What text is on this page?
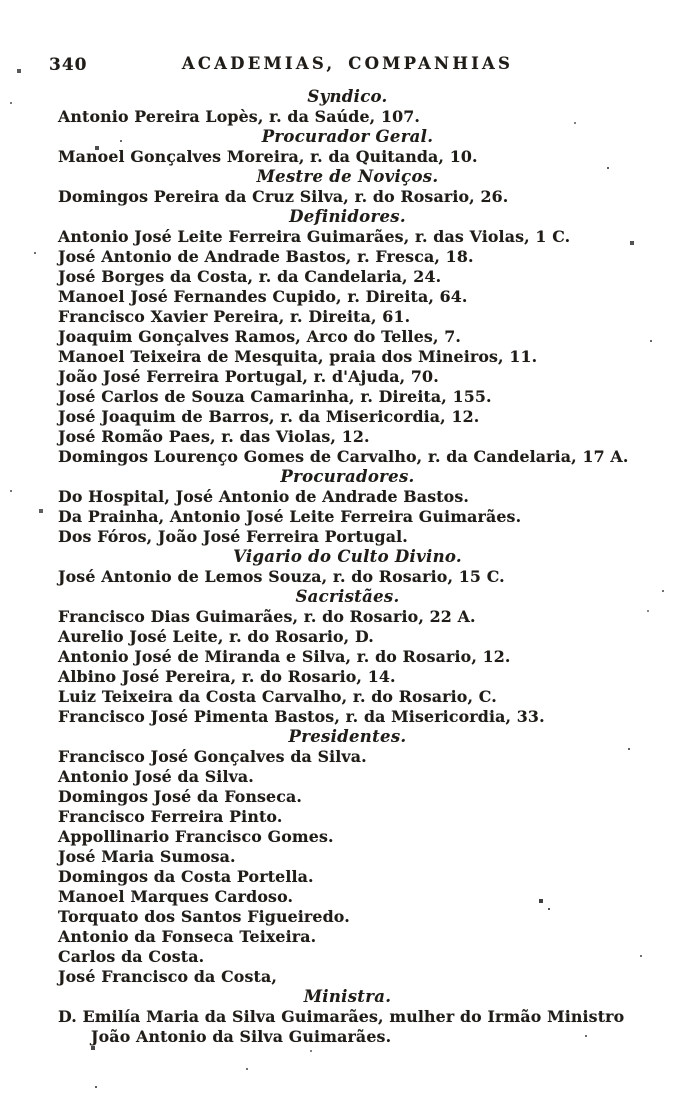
340	ACADEMIAS, COMPANHIAS
Syndico.
Antonio Pereira Lopès, r. da Saúde, 107.
Procurador Geral.
Manoel Gonçalves Moreira, r. da Quitanda, 10.
Mestre de Noviços.
Domingos Pereira da Cruz Silva, r. do Rosario, 26.
Definidores.
Antonio José Leite Ferreira Guimarães, r. das Violas, 1 C.
José Antonio de Andrade Bastos, r. Fresca, 18.
José Borges da Costa, r. da Candelaria, 24.
Manoel José Fernandes Cupido, r. Direita, 64.
Francisco Xavier Pereira, r. Direita, 61.
Joaquim Gonçalves Ramos, Arco do Telles, 7.
Manoel Teixeira de Mesquita, praia dos Mineiros, 11.
João José Ferreira Portugal, r. d'Ajuda, 70.
José Carlos de Souza Camarinha, r. Direita, 155.
José Joaquim de Barros, r. da Misericordia, 12.
José Romão Paes, r. das Violas, 12.
Domingos Lourenço Gomes de Carvalho, r. da Candelaria, 17 A.
Procuradores.
Do Hospital, José Antonio de Andrade Bastos.
Da Prainha, Antonio José Leite Ferreira Guimarães.
Dos Fóros, João José Ferreira Portugal.
Vigario do Culto Divino.
José Antonio de Lemos Souza, r. do Rosario, 15 C.
Sacristães.
Francisco Dias Guimarães, r. do Rosario, 22 A.
Aurelio José Leite, r. do Rosario, D.
Antonio José de Miranda e Silva, r. do Rosario, 12.
Albino José Pereira, r. do Rosario, 14.
Luiz Teixeira da Costa Carvalho, r. do Rosario, C.
Francisco José Pimenta Bastos, r. da Misericordia, 33.
Presidentes.
Francisco José Gonçalves da Silva.
Antonio José da Silva.
Domingos José da Fonseca.
Francisco Ferreira Pinto.
Appollinario Francisco Gomes.
José Maria Sumosa.
Domingos da Costa Portella.
Manoel Marques Cardoso.
Torquato dos Santos Figueiredo.
Antonio da Fonseca Teixeira.
Carlos da Costa.
José Francisco da Costa,
Ministra.
D. Emilía Maria da Silva Guimarães, mulher do Irmão Ministro João Antonio da Silva Guimarães.
